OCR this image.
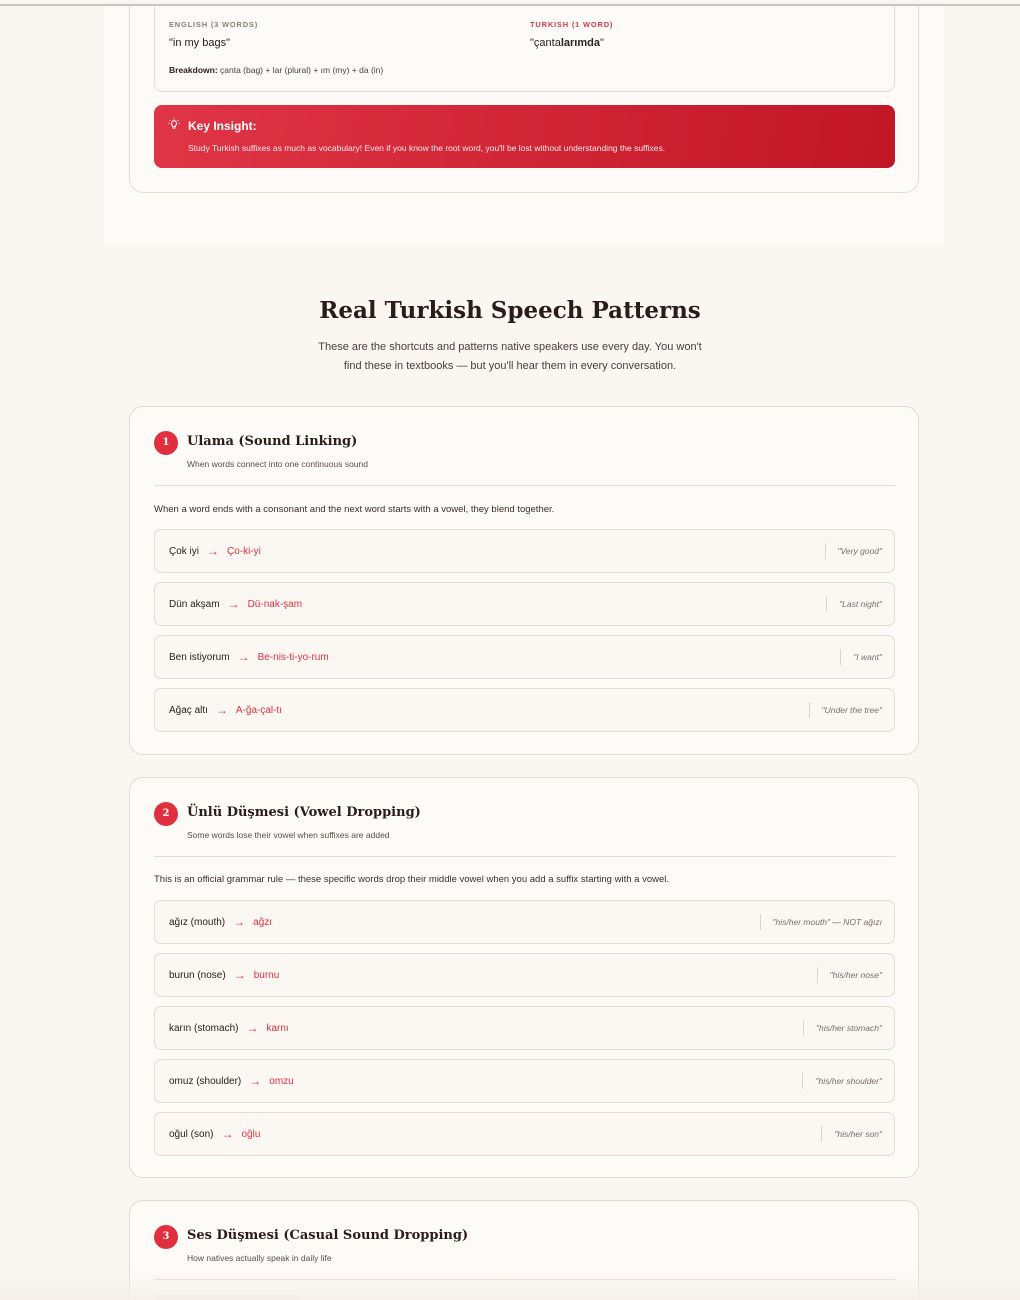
ENGLISH (3 WORDS)
"in my bags"
TURKISH (1 WORD)
"çantalarımda"
Breakdown: çanta (bag) + lar (plural) + ım (my) + da (in)
Key Insight:
Study Turkish suffixes as much as vocabulary! Even if you know the root word, you'll be lost without understanding the suffixes.
Real Turkish Speech Patterns

These are the shortcuts and patterns native speakers use every day. You won't find these in textbooks — but you'll hear them in every conversation.

1	Ulama (Sound Linking)
When words connect into one continuous sound
When a word ends with a consonant and the next word starts with a vowel, they blend together.
Çok iyi → Ço-ki-yi	"Very good"
Dün akşam → Dü-nak-şam	"Last night"
Ben istiyorum → Be-nis-ti-yo-rum	"I want"
Ağaç altı → A-ğa-çal-tı	"Under the tree"
2	Ünlü Düşmesi (Vowel Dropping)
Some words lose their vowel when suffixes are added
This is an official grammar rule — these specific words drop their middle vowel when you add a suffix starting with a vowel.
ağız (mouth) → ağzı	"his/her mouth" — NOT ağızı
burun (nose) → burnu	"his/her nose"
karın (stomach) → karnı	"his/her stomach"
omuz (shoulder) → omzu	"his/her shoulder"
oğul (son) → oğlu	"his/her son"
3	Ses Düşmesi (Casual Sound Dropping)
How natives actually speak in daily life
